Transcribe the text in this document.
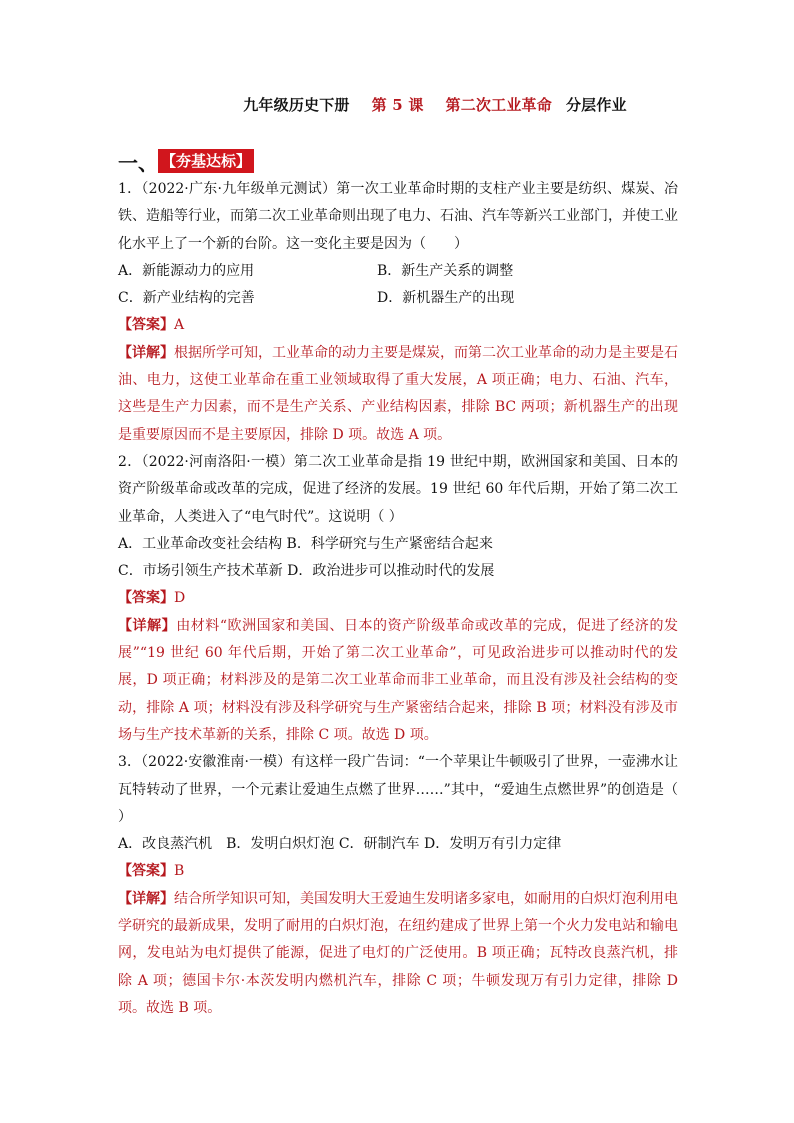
九年级历史下册 第 5 课 第二次工业革命 分层作业
一、 【夯基达标】

1．（2022·广东·九年级单元测试）第一次工业革命时期的支柱产业主要是纺织、煤炭、冶铁、造船等行业，而第二次工业革命则出现了电力、石油、汽车等新兴工业部门，并使工业化水平上了一个新的台阶。这一变化主要是因为（　　）

A．新能源动力的应用	B．新生产关系的调整
C．新产业结构的完善	D．新机器生产的出现
【答案】A

【详解】根据所学可知，工业革命的动力主要是煤炭，而第二次工业革命的动力是主要是石油、电力，这使工业革命在重工业领域取得了重大发展，A 项正确；电力、石油、汽车，这些是生产力因素，而不是生产关系、产业结构因素，排除 BC 两项；新机器生产的出现是重要原因而不是主要原因，排除 D 项。故选 A 项。

2．（2022·河南洛阳·一模）第二次工业革命是指 19 世纪中期，欧洲国家和美国、日本的资产阶级革命或改革的完成，促进了经济的发展。19 世纪 60 年代后期，开始了第二次工业革命，人类进入了“电气时代”。这说明（ ）

A．工业革命改变社会结构 B．科学研究与生产紧密结合起来
C．市场引领生产技术革新 D．政治进步可以推动时代的发展
【答案】D

【详解】由材料“欧洲国家和美国、日本的资产阶级革命或改革的完成，促进了经济的发展”“19 世纪 60 年代后期，开始了第二次工业革命”，可见政治进步可以推动时代的发展，D 项正确；材料涉及的是第二次工业革命而非工业革命，而且没有涉及社会结构的变动，排除 A 项；材料没有涉及科学研究与生产紧密结合起来，排除 B 项；材料没有涉及市场与生产技术革新的关系，排除 C 项。故选 D 项。

3．（2022·安徽淮南·一模）有这样一段广告词：“一个苹果让牛顿吸引了世界，一壶沸水让瓦特转动了世界，一个元素让爱迪生点燃了世界……”其中，“爱迪生点燃世界”的创造是（ ）

A．改良蒸汽机　B．发明白炽灯泡 C．研制汽车 D．发明万有引力定律
【答案】B

【详解】结合所学知识可知，美国发明大王爱迪生发明诸多家电，如耐用的白炽灯泡利用电学研究的最新成果，发明了耐用的白炽灯泡，在纽约建成了世界上第一个火力发电站和输电网，发电站为电灯提供了能源，促进了电灯的广泛使用。B 项正确；瓦特改良蒸汽机，排除 A 项；德国卡尔·本茨发明内燃机汽车，排除 C 项；牛顿发现万有引力定律，排除 D 项。故选 B 项。
